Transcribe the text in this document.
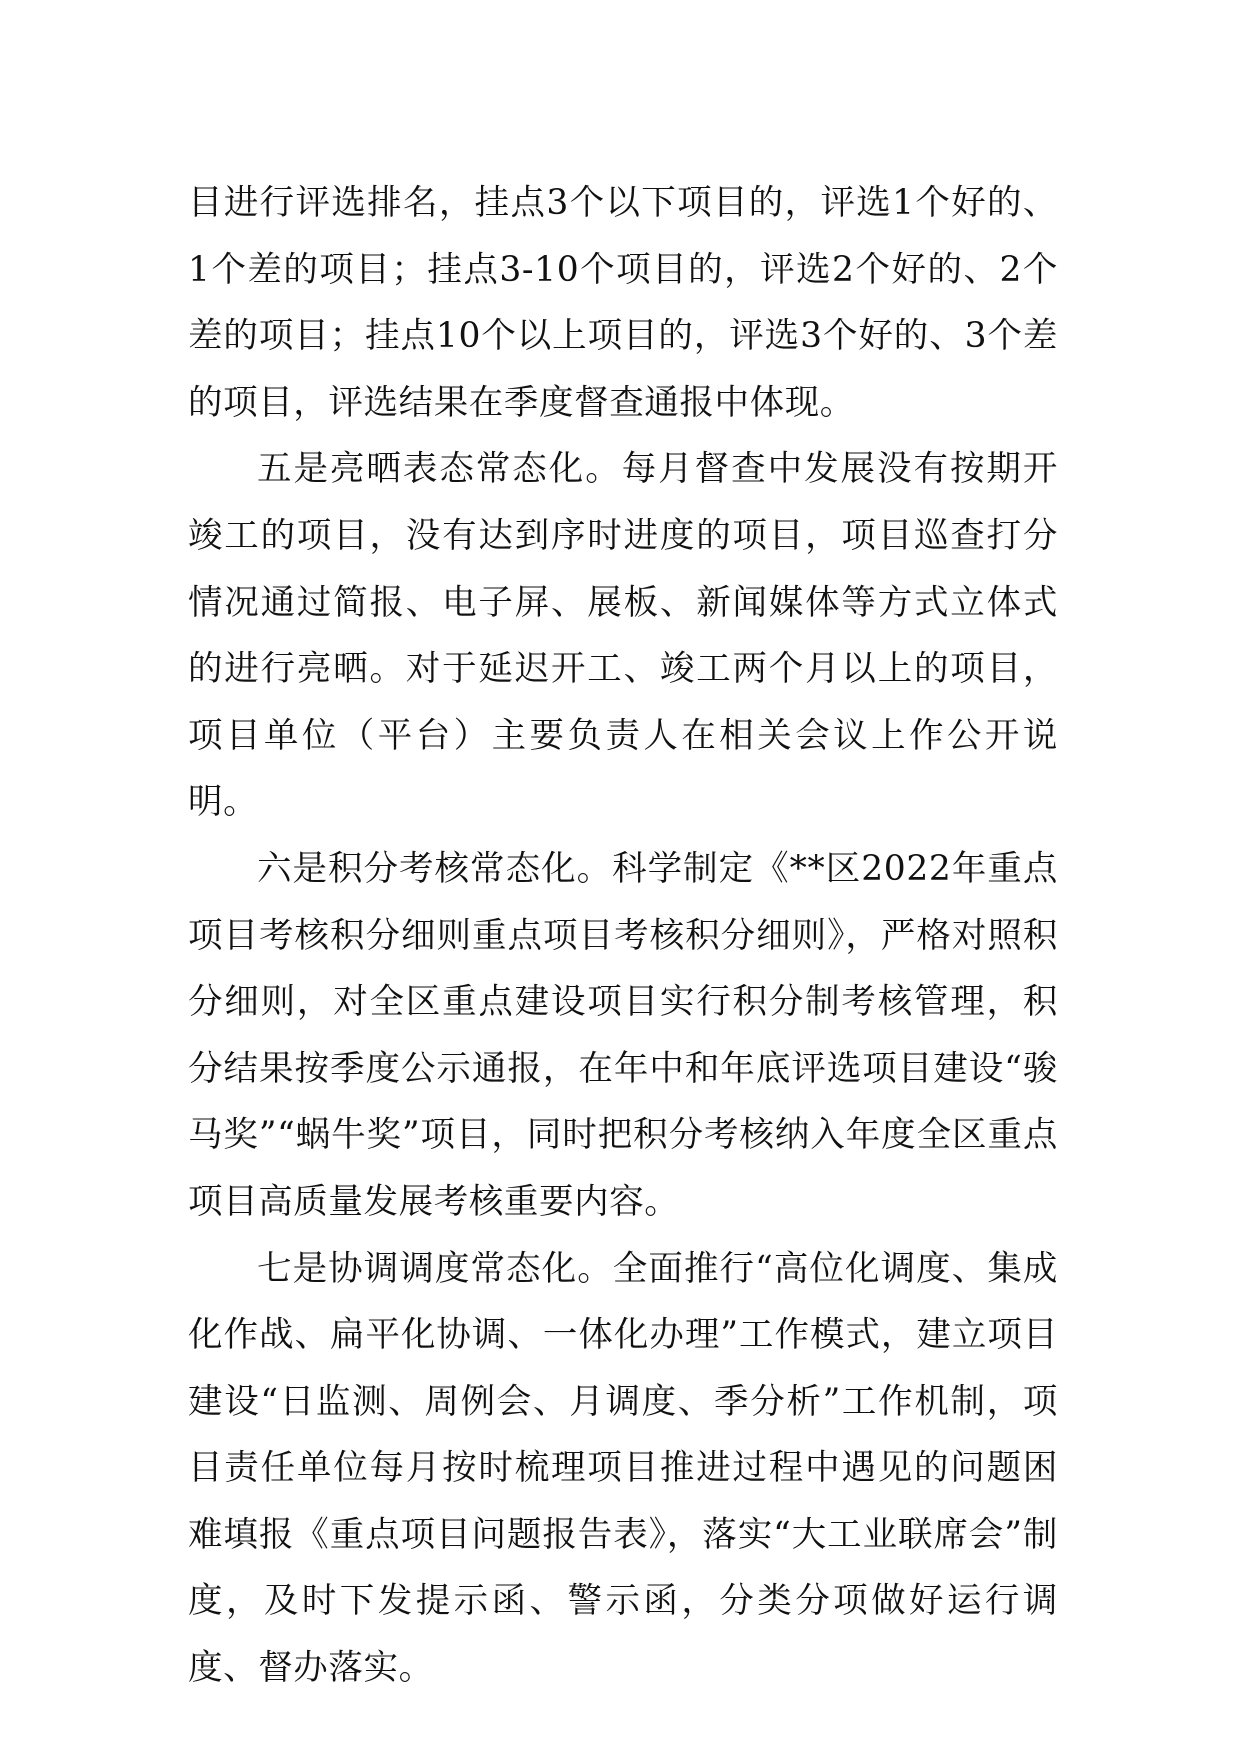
目进行评选排名，挂点3个以下项目的，评选1个好的、1个差的项目；挂点3-10个项目的，评选2个好的、2个差的项目；挂点10个以上项目的，评选3个好的、3个差的项目，评选结果在季度督查通报中体现。

五是亮晒表态常态化。每月督查中发展没有按期开竣工的项目，没有达到序时进度的项目，项目巡查打分情况通过简报、电子屏、展板、新闻媒体等方式立体式的进行亮晒。对于延迟开工、竣工两个月以上的项目，项目单位（平台）主要负责人在相关会议上作公开说明。

六是积分考核常态化。科学制定《**区2022年重点项目考核积分细则重点项目考核积分细则》，严格对照积分细则，对全区重点建设项目实行积分制考核管理，积分结果按季度公示通报，在年中和年底评选项目建设“骏马奖”“蜗牛奖”项目，同时把积分考核纳入年度全区重点项目高质量发展考核重要内容。

七是协调调度常态化。全面推行“高位化调度、集成化作战、扁平化协调、一体化办理”工作模式，建立项目建设“日监测、周例会、月调度、季分析”工作机制，项目责任单位每月按时梳理项目推进过程中遇见的问题困难填报《重点项目问题报告表》，落实“大工业联席会”制度，及时下发提示函、警示函，分类分项做好运行调度、督办落实。
